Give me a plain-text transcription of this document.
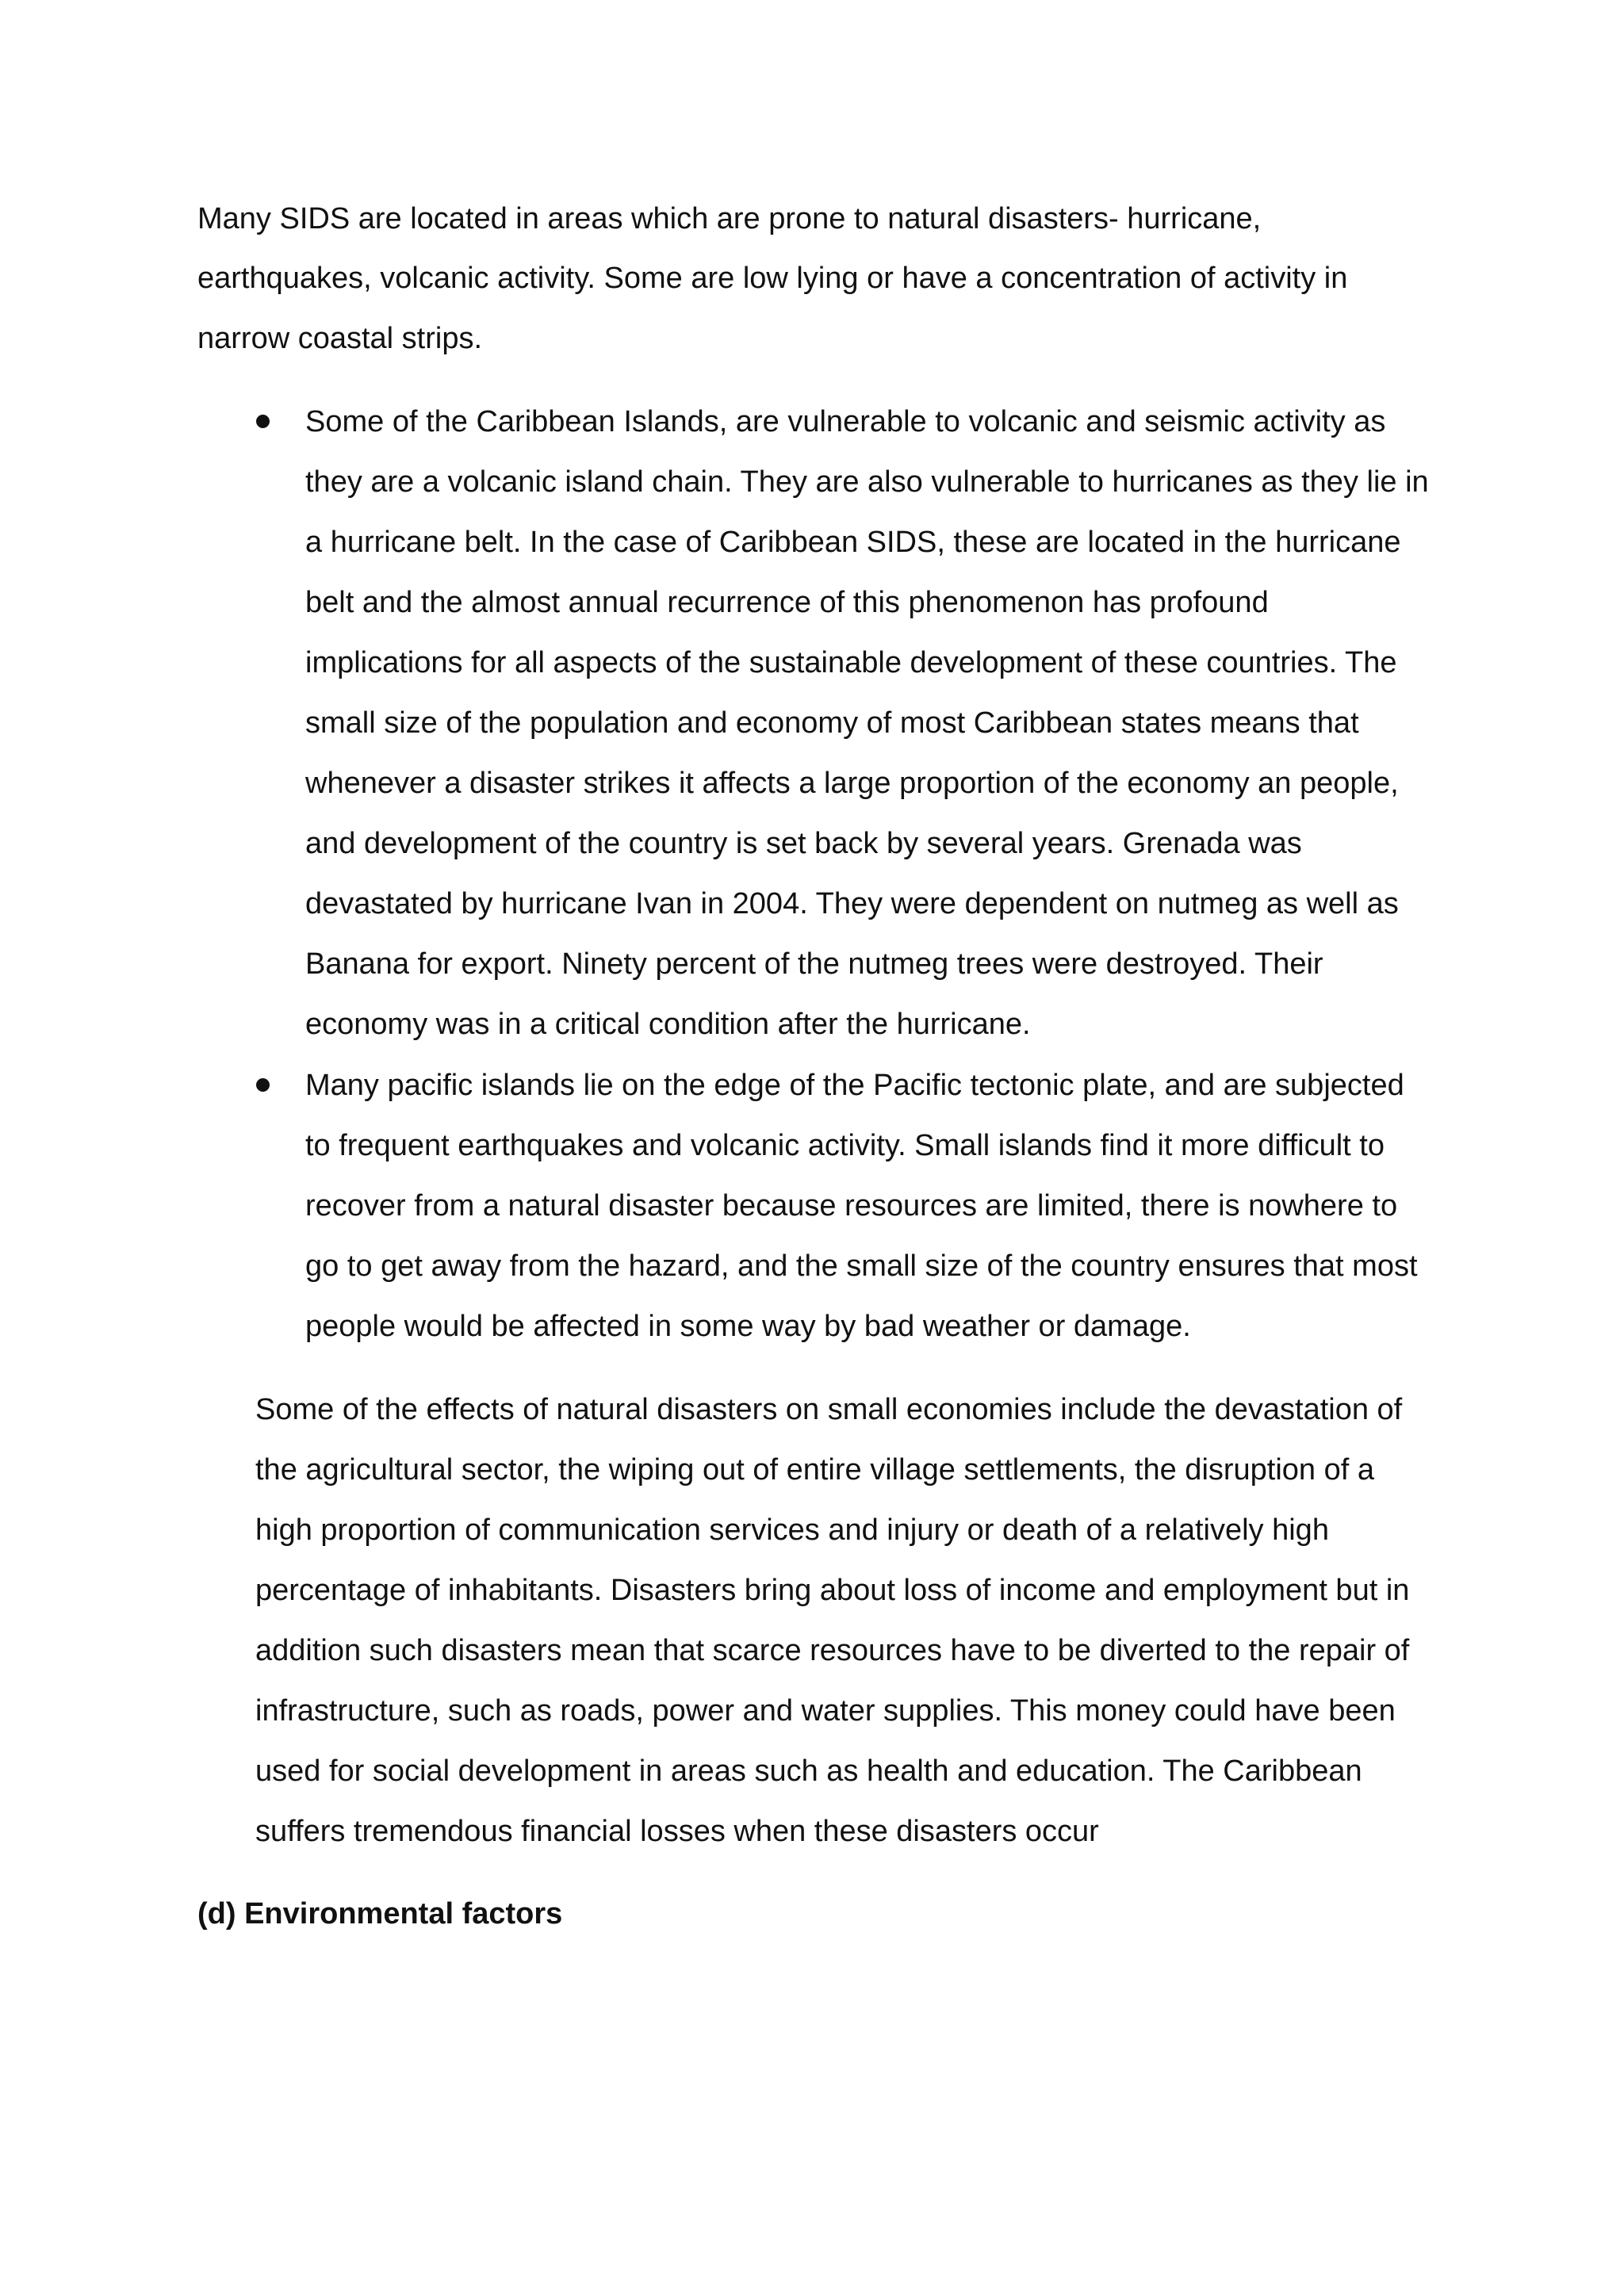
Many SIDS are located in areas which are prone to natural disasters- hurricane,
earthquakes, volcanic activity. Some are low lying or have a concentration of activity in
narrow coastal strips.
Some of the Caribbean Islands, are vulnerable to volcanic and seismic activity as
they are a volcanic island chain. They are also vulnerable to hurricanes as they lie in
a hurricane belt. In the case of Caribbean SIDS, these are located in the hurricane
belt and the almost annual recurrence of this phenomenon has profound
implications for all aspects of the sustainable development of these countries. The
small size of the population and economy of most Caribbean states means that
whenever a disaster strikes it affects a large proportion of the economy an people,
and development of the country is set back by several years. Grenada was
devastated by hurricane Ivan in 2004. They were dependent on nutmeg as well as
Banana for export. Ninety percent of the nutmeg trees were destroyed. Their
economy was in a critical condition after the hurricane.
Many pacific islands lie on the edge of the Pacific tectonic plate, and are subjected
to frequent earthquakes and volcanic activity. Small islands find it more difficult to
recover from a natural disaster because resources are limited, there is nowhere to
go to get away from the hazard, and the small size of the country ensures that most
people would be affected in some way by bad weather or damage.
Some of the effects of natural disasters on small economies include the devastation of
the agricultural sector, the wiping out of entire village settlements, the disruption of a
high proportion of communication services and injury or death of a relatively high
percentage of inhabitants. Disasters bring about loss of income and employment but in
addition such disasters mean that scarce resources have to be diverted to the repair of
infrastructure, such as roads, power and water supplies. This money could have been
used for social development in areas such as health and education. The Caribbean
suffers tremendous financial losses when these disasters occur
(d) Environmental factors
